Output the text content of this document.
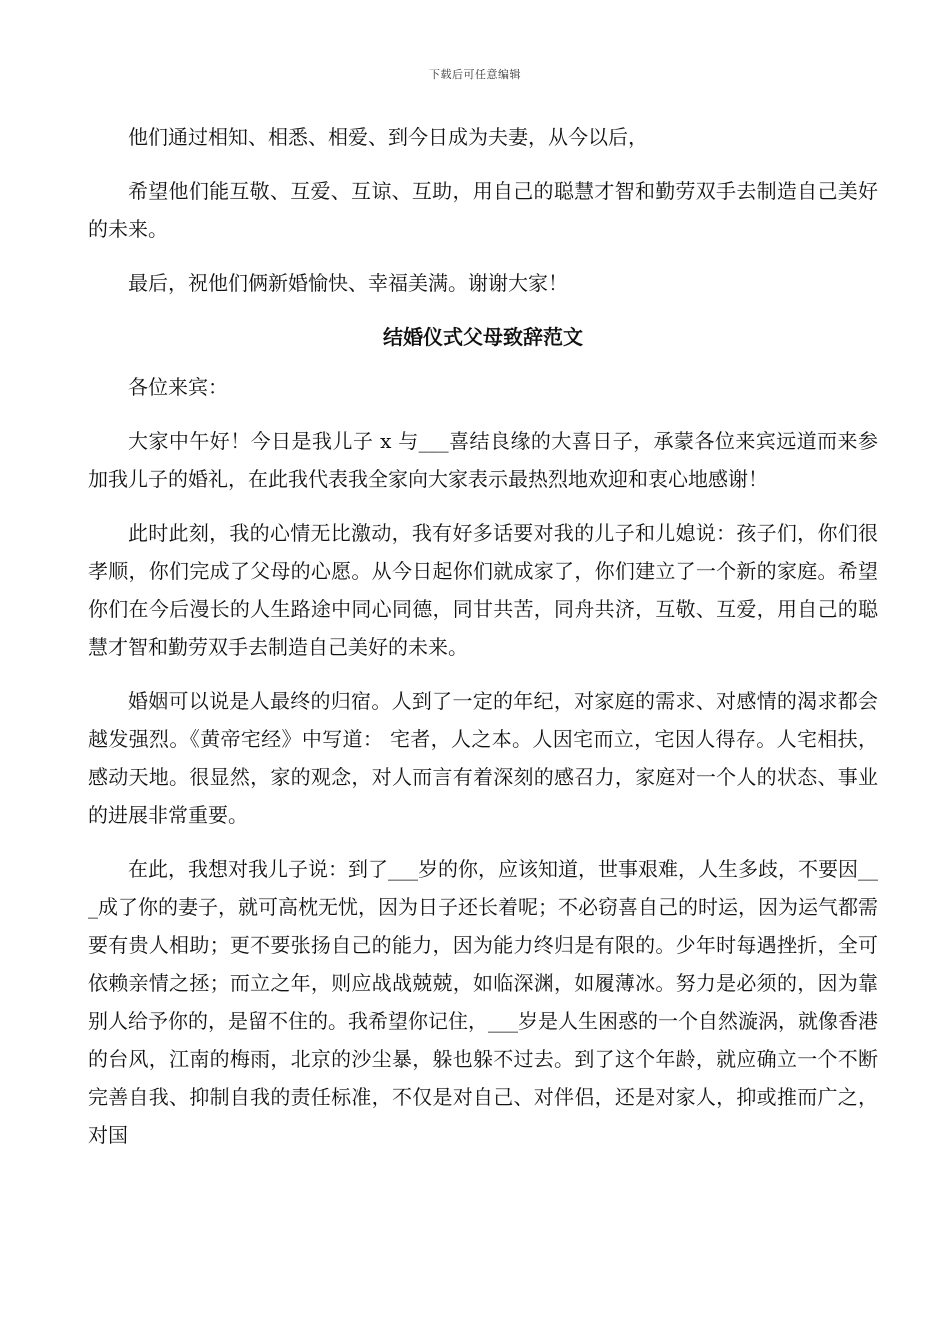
下载后可任意编辑

他们通过相知、相悉、相爱、到今日成为夫妻，从今以后，

希望他们能互敬、互爱、互谅、互助，用自己的聪慧才智和勤劳双手去制造自己美好的未来。

最后，祝他们俩新婚愉快、幸福美满。谢谢大家！

结婚仪式父母致辞范文

各位来宾：

大家中午好！今日是我儿子 x 与___喜结良缘的大喜日子，承蒙各位来宾远道而来参加我儿子的婚礼，在此我代表我全家向大家表示最热烈地欢迎和衷心地感谢！

此时此刻，我的心情无比激动，我有好多话要对我的儿子和儿媳说：孩子们，你们很孝顺，你们完成了父母的心愿。从今日起你们就成家了，你们建立了一个新的家庭。希望你们在今后漫长的人生路途中同心同德，同甘共苦，同舟共济，互敬、互爱，用自己的聪慧才智和勤劳双手去制造自己美好的未来。

婚姻可以说是人最终的归宿。人到了一定的年纪，对家庭的需求、对感情的渴求都会越发强烈。《黄帝宅经》中写道： 宅者，人之本。人因宅而立，宅因人得存。人宅相扶，感动天地。很显然，家的观念，对人而言有着深刻的感召力，家庭对一个人的状态、事业的进展非常重要。

在此，我想对我儿子说：到了___岁的你，应该知道，世事艰难，人生多歧，不要因___成了你的妻子，就可高枕无忧，因为日子还长着呢；不必窃喜自己的时运，因为运气都需要有贵人相助；更不要张扬自己的能力，因为能力终归是有限的。少年时每遇挫折，全可依赖亲情之拯；而立之年，则应战战兢兢，如临深渊，如履薄冰。努力是必须的，因为靠别人给予你的，是留不住的。我希望你记住，___岁是人生困惑的一个自然漩涡，就像香港的台风，江南的梅雨，北京的沙尘暴，躲也躲不过去。到了这个年龄，就应确立一个不断完善自我、抑制自我的责任标准，不仅是对自己、对伴侣，还是对家人，抑或推而广之，对国
